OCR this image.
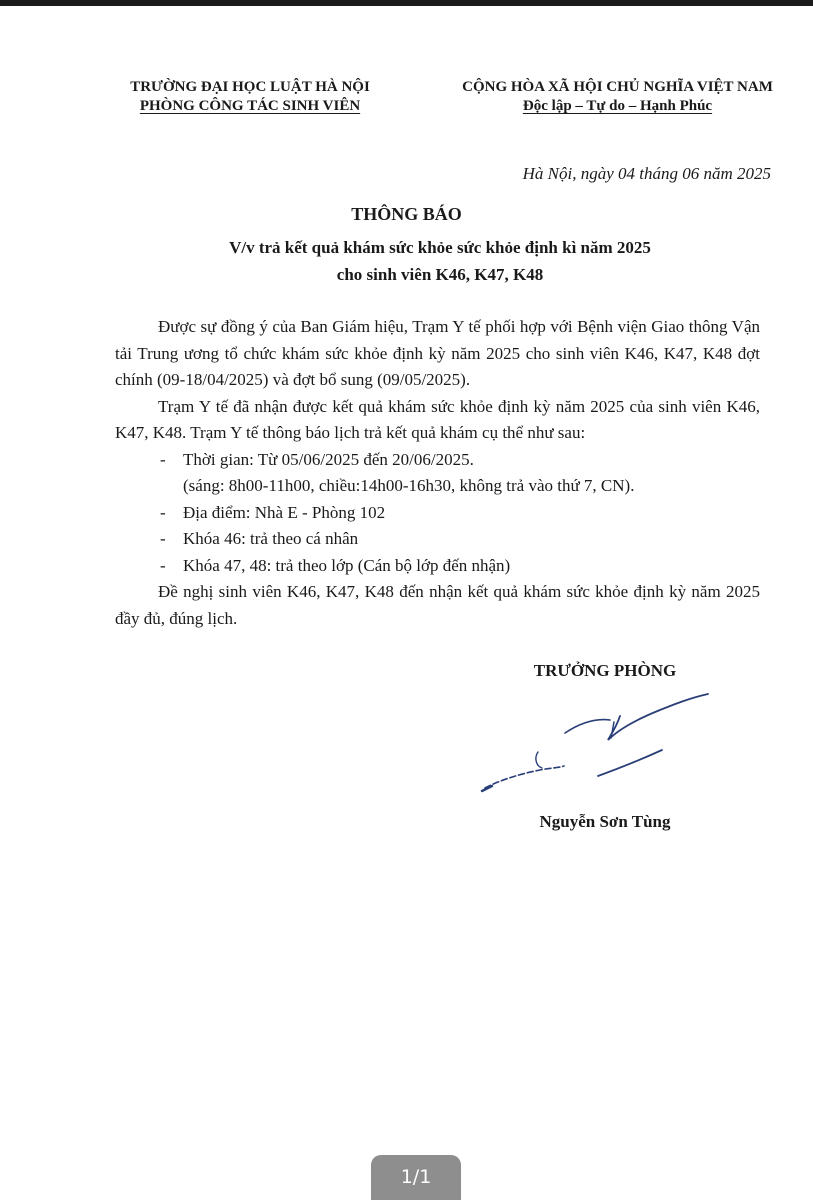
TRƯỜNG ĐẠI HỌC LUẬT HÀ NỘI
PHÒNG CÔNG TÁC SINH VIÊN
CỘNG HÒA XÃ HỘI CHỦ NGHĨA VIỆT NAM
Độc lập – Tự do – Hạnh Phúc
Hà Nội, ngày 04 tháng 06 năm 2025
THÔNG BÁO
V/v trả kết quả khám sức khỏe sức khỏe định kì năm 2025
cho sinh viên K46, K47, K48

Được sự đồng ý của Ban Giám hiệu, Trạm Y tế phối hợp với Bệnh viện Giao thông Vận tải Trung ương tổ chức khám sức khỏe định kỳ năm 2025 cho sinh viên K46, K47, K48 đợt chính (09-18/04/2025) và đợt bổ sung (09/05/2025).

Trạm Y tế đã nhận được kết quả khám sức khỏe định kỳ năm 2025 của sinh viên K46, K47, K48. Trạm Y tế thông báo lịch trả kết quả khám cụ thể như sau:

- Thời gian: Từ 05/06/2025 đến 20/06/2025.

(sáng: 8h00-11h00, chiều:14h00-16h30, không trả vào thứ 7, CN).

- Địa điểm: Nhà E - Phòng 102

- Khóa 46: trả theo cá nhân

- Khóa 47, 48: trả theo lớp (Cán bộ lớp đến nhận)

Đề nghị sinh viên K46, K47, K48 đến nhận kết quả khám sức khỏe định kỳ năm 2025 đầy đủ, đúng lịch.

TRƯỞNG PHÒNG
Nguyễn Sơn Tùng
1/1
